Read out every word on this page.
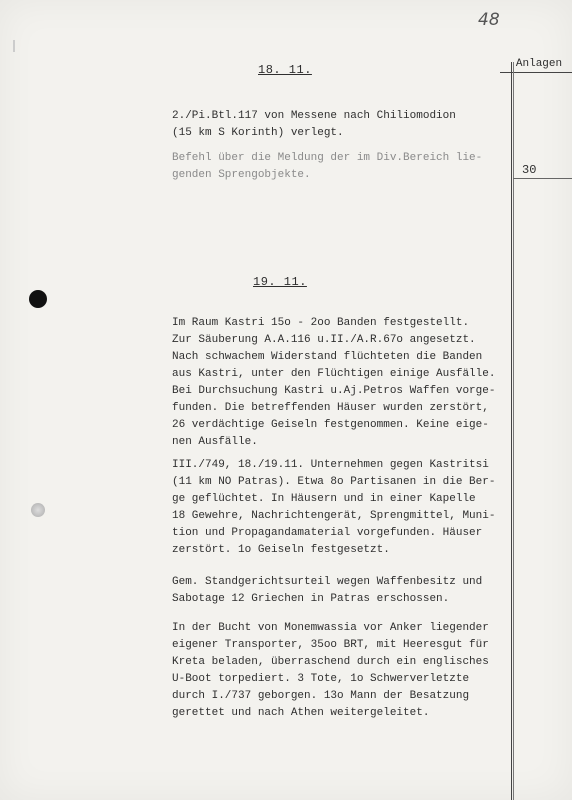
48
Anlagen
30
18. 11.
2./Pi.Btl.117 von Messene nach Chiliomodion
(15 km S Korinth) verlegt.
Befehl über die Meldung der im Div.Bereich lie-
genden Sprengobjekte.
19. 11.
Im Raum Kastri 15o - 2oo Banden festgestellt.
Zur Säuberung A.A.116 u.II./A.R.67o angesetzt.
Nach schwachem Widerstand flüchteten die Banden
aus Kastri, unter den Flüchtigen einige Ausfälle.
Bei Durchsuchung Kastri u.Aj.Petros Waffen vorge-
funden. Die betreffenden Häuser wurden zerstört,
26 verdächtige Geiseln festgenommen. Keine eige-
nen Ausfälle.
III./749, 18./19.11. Unternehmen gegen Kastritsi
(11 km NO Patras). Etwa 8o Partisanen in die Ber-
ge geflüchtet. In Häusern und in einer Kapelle
18 Gewehre, Nachrichtengerät, Sprengmittel, Muni-
tion und Propagandamaterial vorgefunden. Häuser
zerstört. 1o Geiseln festgesetzt.
Gem. Standgerichtsurteil wegen Waffenbesitz und
Sabotage 12 Griechen in Patras erschossen.
In der Bucht von Monemwassia vor Anker liegender
eigener Transporter, 35oo BRT, mit Heeresgut für
Kreta beladen, überraschend durch ein englisches
U-Boot torpediert. 3 Tote, 1o Schwerverletzte
durch I./737 geborgen. 13o Mann der Besatzung
gerettet und nach Athen weitergeleitet.
